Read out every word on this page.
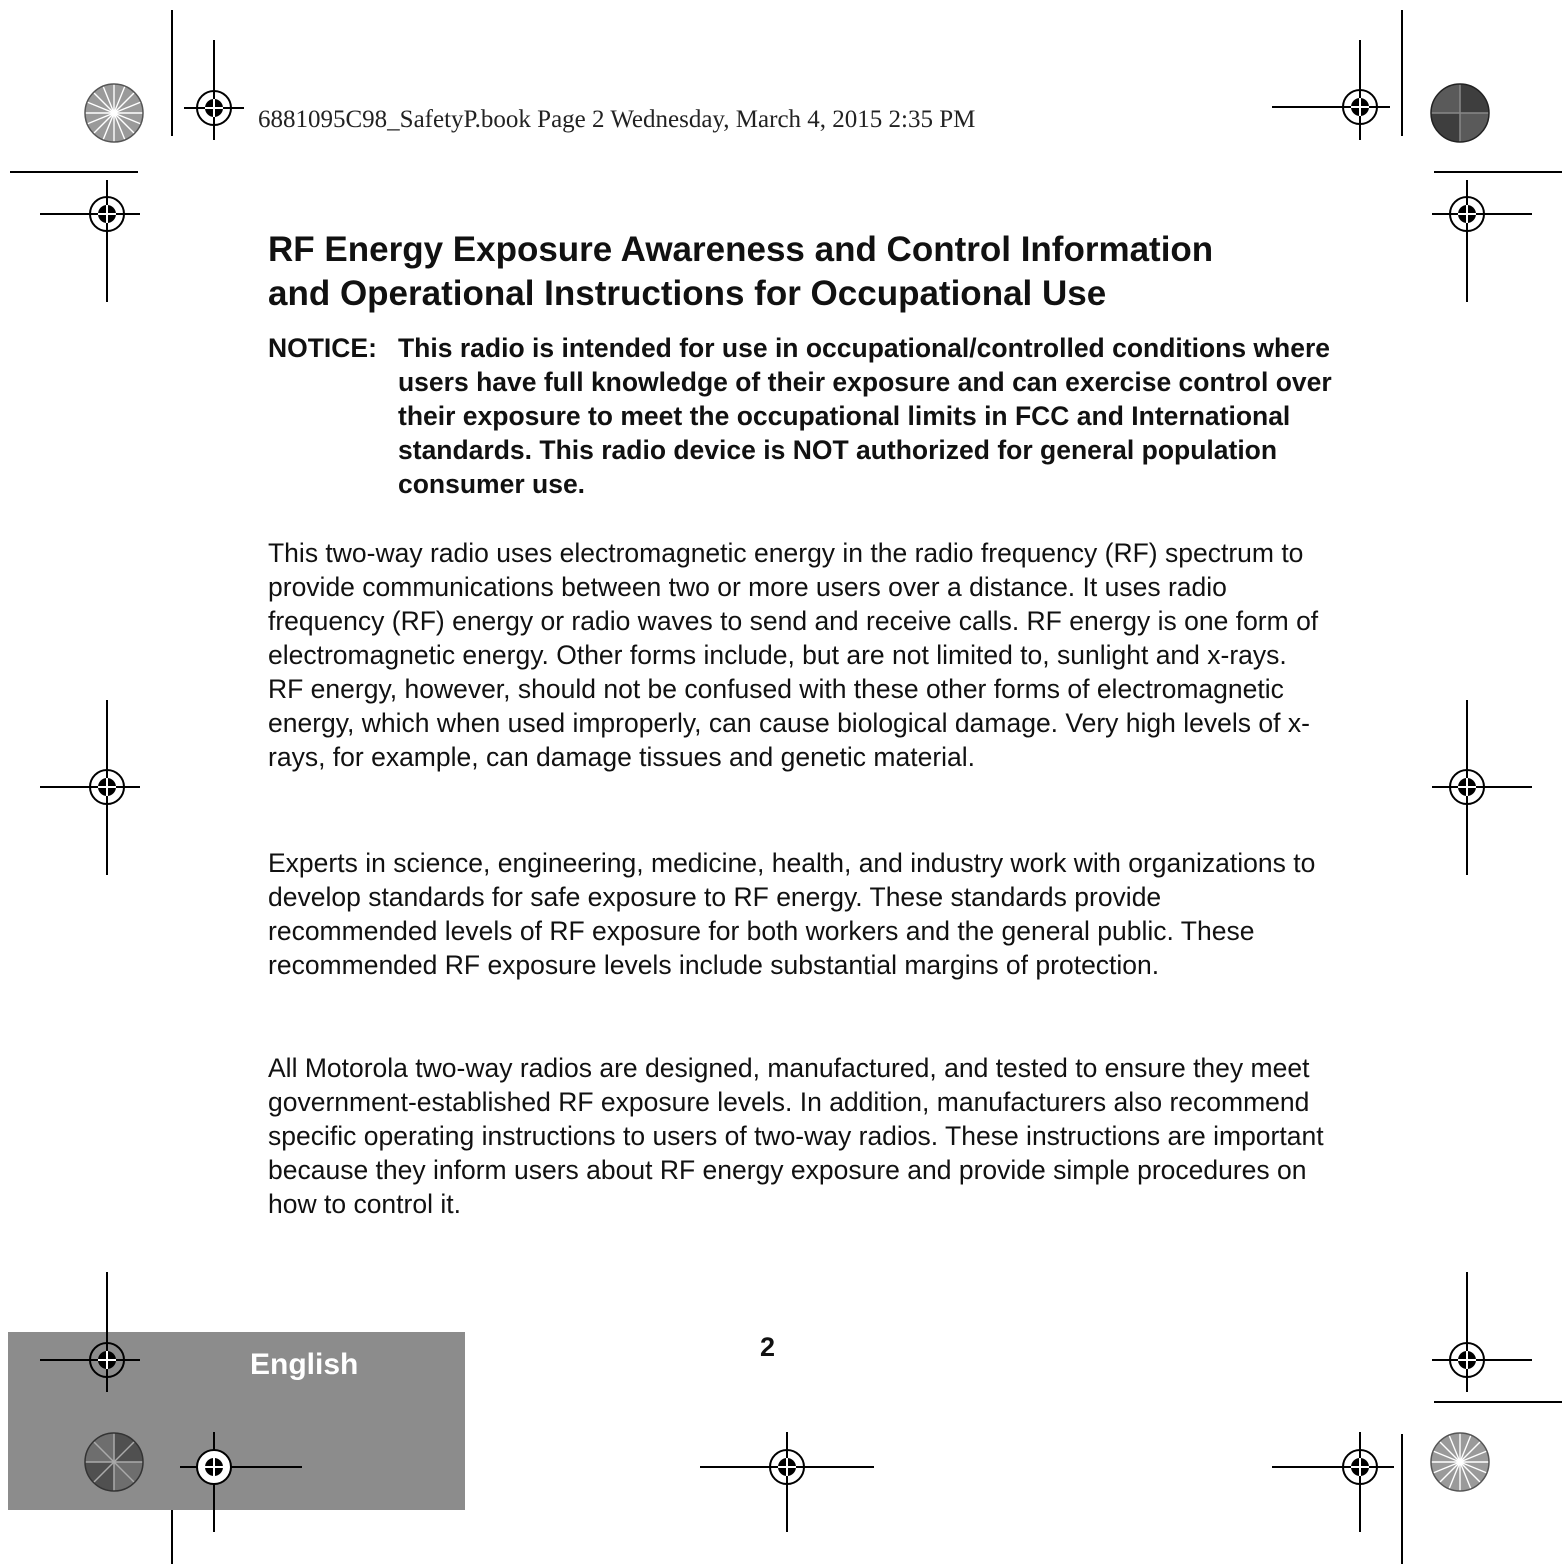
English
6881095C98_SafetyP.book Page 2 Wednesday, March 4, 2015 2:35 PM
RF Energy Exposure Awareness and Control Information
and Operational Instructions for Occupational Use
NOTICE: This radio is intended for use in occupational/controlled conditions where users have full knowledge of their exposure and can exercise control over their exposure to meet the occupational limits in FCC and International standards. This radio device is NOT authorized for general population consumer use.

This two-way radio uses electromagnetic energy in the radio frequency (RF) spectrum to provide communications between two or more users over a distance. It uses radio frequency (RF) energy or radio waves to send and receive calls. RF energy is one form of electromagnetic energy. Other forms include, but are not limited to, sunlight and x-rays. RF energy, however, should not be confused with these other forms of electromagnetic energy, which when used improperly, can cause biological damage. Very high levels of x-rays, for example, can damage tissues and genetic material.

Experts in science, engineering, medicine, health, and industry work with organizations to develop standards for safe exposure to RF energy. These standards provide recommended levels of RF exposure for both workers and the general public. These recommended RF exposure levels include substantial margins of protection.

All Motorola two-way radios are designed, manufactured, and tested to ensure they meet government-established RF exposure levels. In addition, manufacturers also recommend specific operating instructions to users of two-way radios. These instructions are important because they inform users about RF energy exposure and provide simple procedures on how to control it.

2
